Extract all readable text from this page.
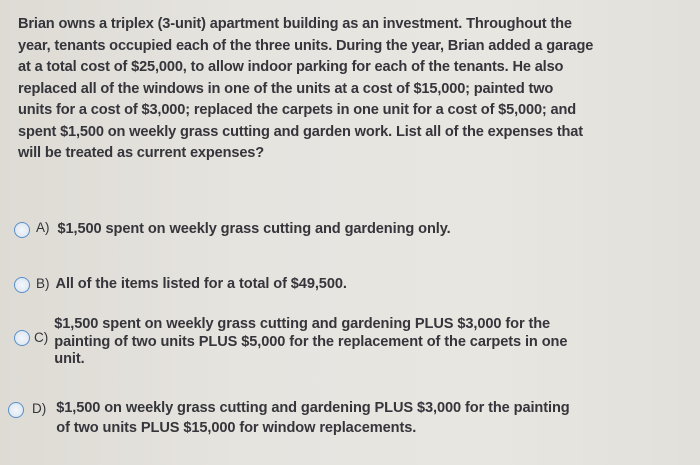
Brian owns a triplex (3-unit) apartment building as an investment. Throughout the
year, tenants occupied each of the three units. During the year, Brian added a garage
at a total cost of $25,000, to allow indoor parking for each of the tenants. He also
replaced all of the windows in one of the units at a cost of $15,000; painted two
units for a cost of $3,000; replaced the carpets in one unit for a cost of $5,000; and
spent $1,500 on weekly grass cutting and garden work. List all of the expenses that
will be treated as current expenses?
A) $1,500 spent on weekly grass cutting and gardening only.
B) All of the items listed for a total of $49,500.
C)
$1,500 spent on weekly grass cutting and gardening PLUS $3,000 for the
painting of two units PLUS $5,000 for the replacement of the carpets in one
unit.
D) $1,500 on weekly grass cutting and gardening PLUS $3,000 for the painting
of two units PLUS $15,000 for window replacements.
